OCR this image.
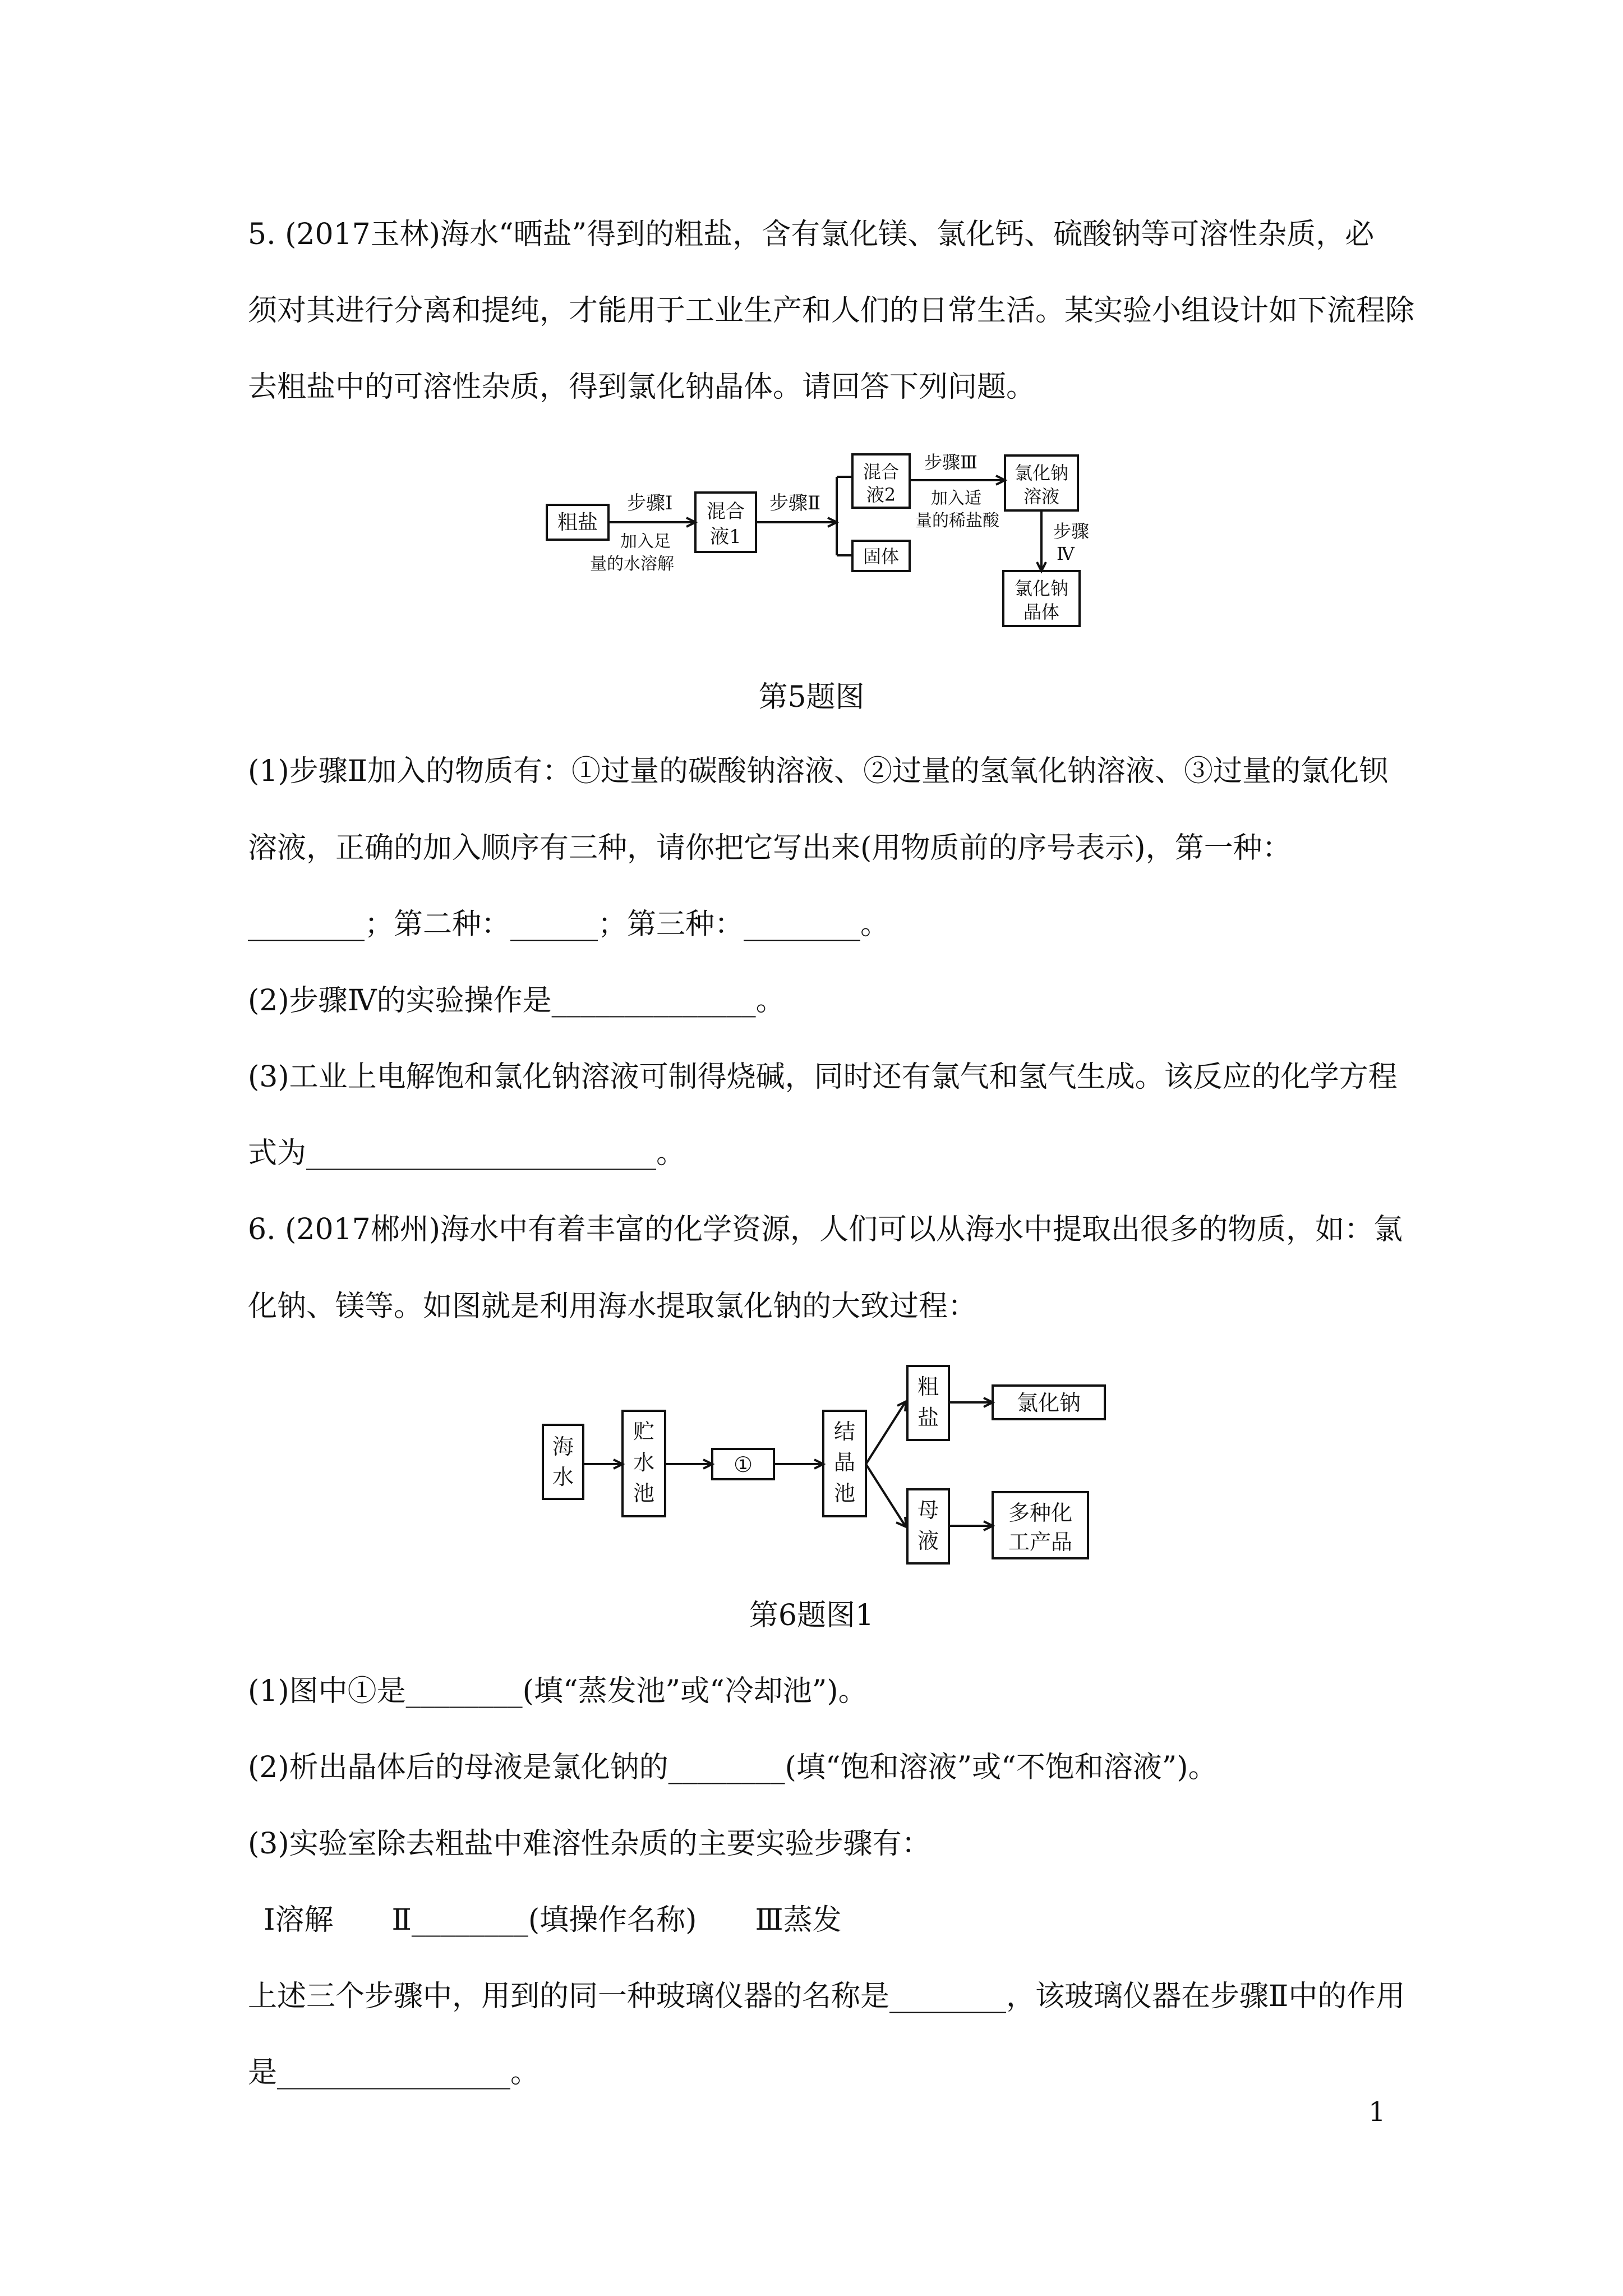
5. (2017玉林)海水“晒盐”得到的粗盐，含有氯化镁、氯化钙、硫酸钠等可溶性杂质，必
须对其进行分离和提纯，才能用于工业生产和人们的日常生活。某实验小组设计如下流程除
去粗盐中的可溶性杂质，得到氯化钠晶体。请回答下列问题。
粗盐
步骤Ⅰ
加入足
量的水溶解
混合
液1
步骤Ⅱ
混合
液2
固体
步骤Ⅲ
加入适
量的稀盐酸
氯化钠
溶液
步骤
Ⅳ
氯化钠
晶体
第5题图
(1)步骤Ⅱ加入的物质有：①过量的碳酸钠溶液、②过量的氢氧化钠溶液、③过量的氯化钡
溶液，正确的加入顺序有三种，请你把它写出来(用物质前的序号表示)，第一种：
________；第二种：______；第三种：________。
(2)步骤Ⅳ的实验操作是______________。
(3)工业上电解饱和氯化钠溶液可制得烧碱，同时还有氯气和氢气生成。该反应的化学方程
式为________________________。
6. (2017郴州)海水中有着丰富的化学资源，人们可以从海水中提取出很多的物质，如：氯
化钠、镁等。如图就是利用海水提取氯化钠的大致过程：
海
水
贮
水
池
①
结
晶
池
粗
盐
氯化钠
母
液
多种化
工产品
第6题图1
(1)图中①是________(填“蒸发池”或“冷却池”)。
(2)析出晶体后的母液是氯化钠的________(填“饱和溶液”或“不饱和溶液”)。
(3)实验室除去粗盐中难溶性杂质的主要实验步骤有：
Ⅰ溶解　　Ⅱ________(填操作名称)　　Ⅲ蒸发
上述三个步骤中，用到的同一种玻璃仪器的名称是________，该玻璃仪器在步骤Ⅱ中的作用
是________________。
1
